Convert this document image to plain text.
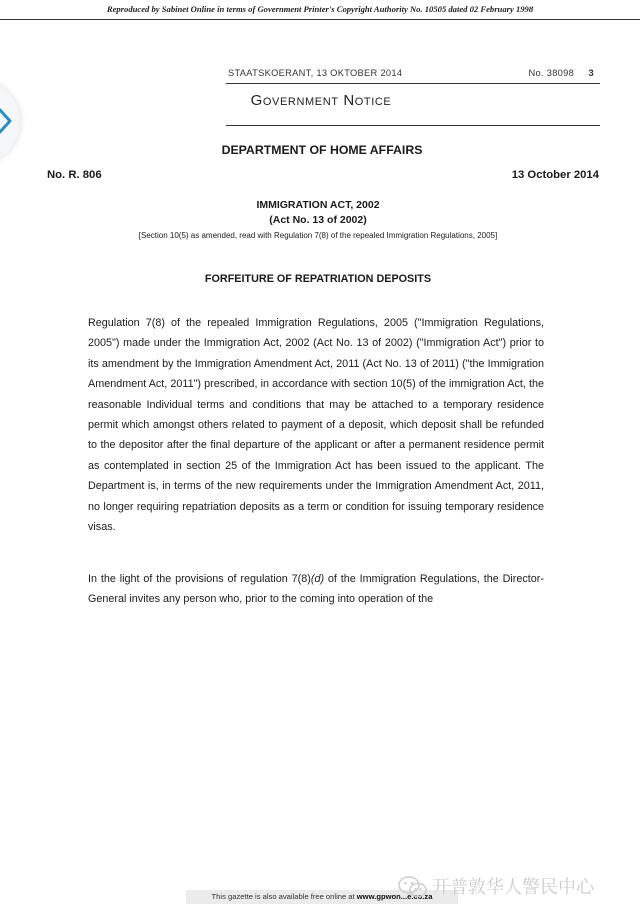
Reproduced by Sabinet Online in terms of Government Printer's Copyright Authority No. 10505 dated 02 February 1998
STAATSKOERANT, 13 OKTOBER 2014	No. 38098 3
Government Notice
DEPARTMENT OF HOME AFFAIRS
No. R. 806	13 October 2014
IMMIGRATION ACT, 2002
(Act No. 13 of 2002)
[Section 10(5) as amended, read with Regulation 7(8) of the repealed Immigration Regulations, 2005]
FORFEITURE OF REPATRIATION DEPOSITS

Regulation 7(8) of the repealed Immigration Regulations, 2005 ("Immigration Regulations, 2005") made under the Immigration Act, 2002 (Act No. 13 of 2002) ("Immigration Act") prior to its amendment by the Immigration Amendment Act, 2011 (Act No. 13 of 2011) ("the Immigration Amendment Act, 2011") prescribed, in accordance with section 10(5) of the immigration Act, the reasonable Individual terms and conditions that may be attached to a temporary residence permit which amongst others related to payment of a deposit, which deposit shall be refunded to the depositor after the final departure of the applicant or after a permanent residence permit as contemplated in section 25 of the Immigration Act has been issued to the applicant. The Department is, in terms of the new requirements under the Immigration Amendment Act, 2011, no longer requiring repatriation deposits as a term or condition for issuing temporary residence visas.

In the light of the provisions of regulation 7(8)(d) of the Immigration Regulations, the Director-General invites any person who, prior to the coming into operation of the

This gazette is also available free online at www.gpwon...e.co.za 开普敦华人警民中心
